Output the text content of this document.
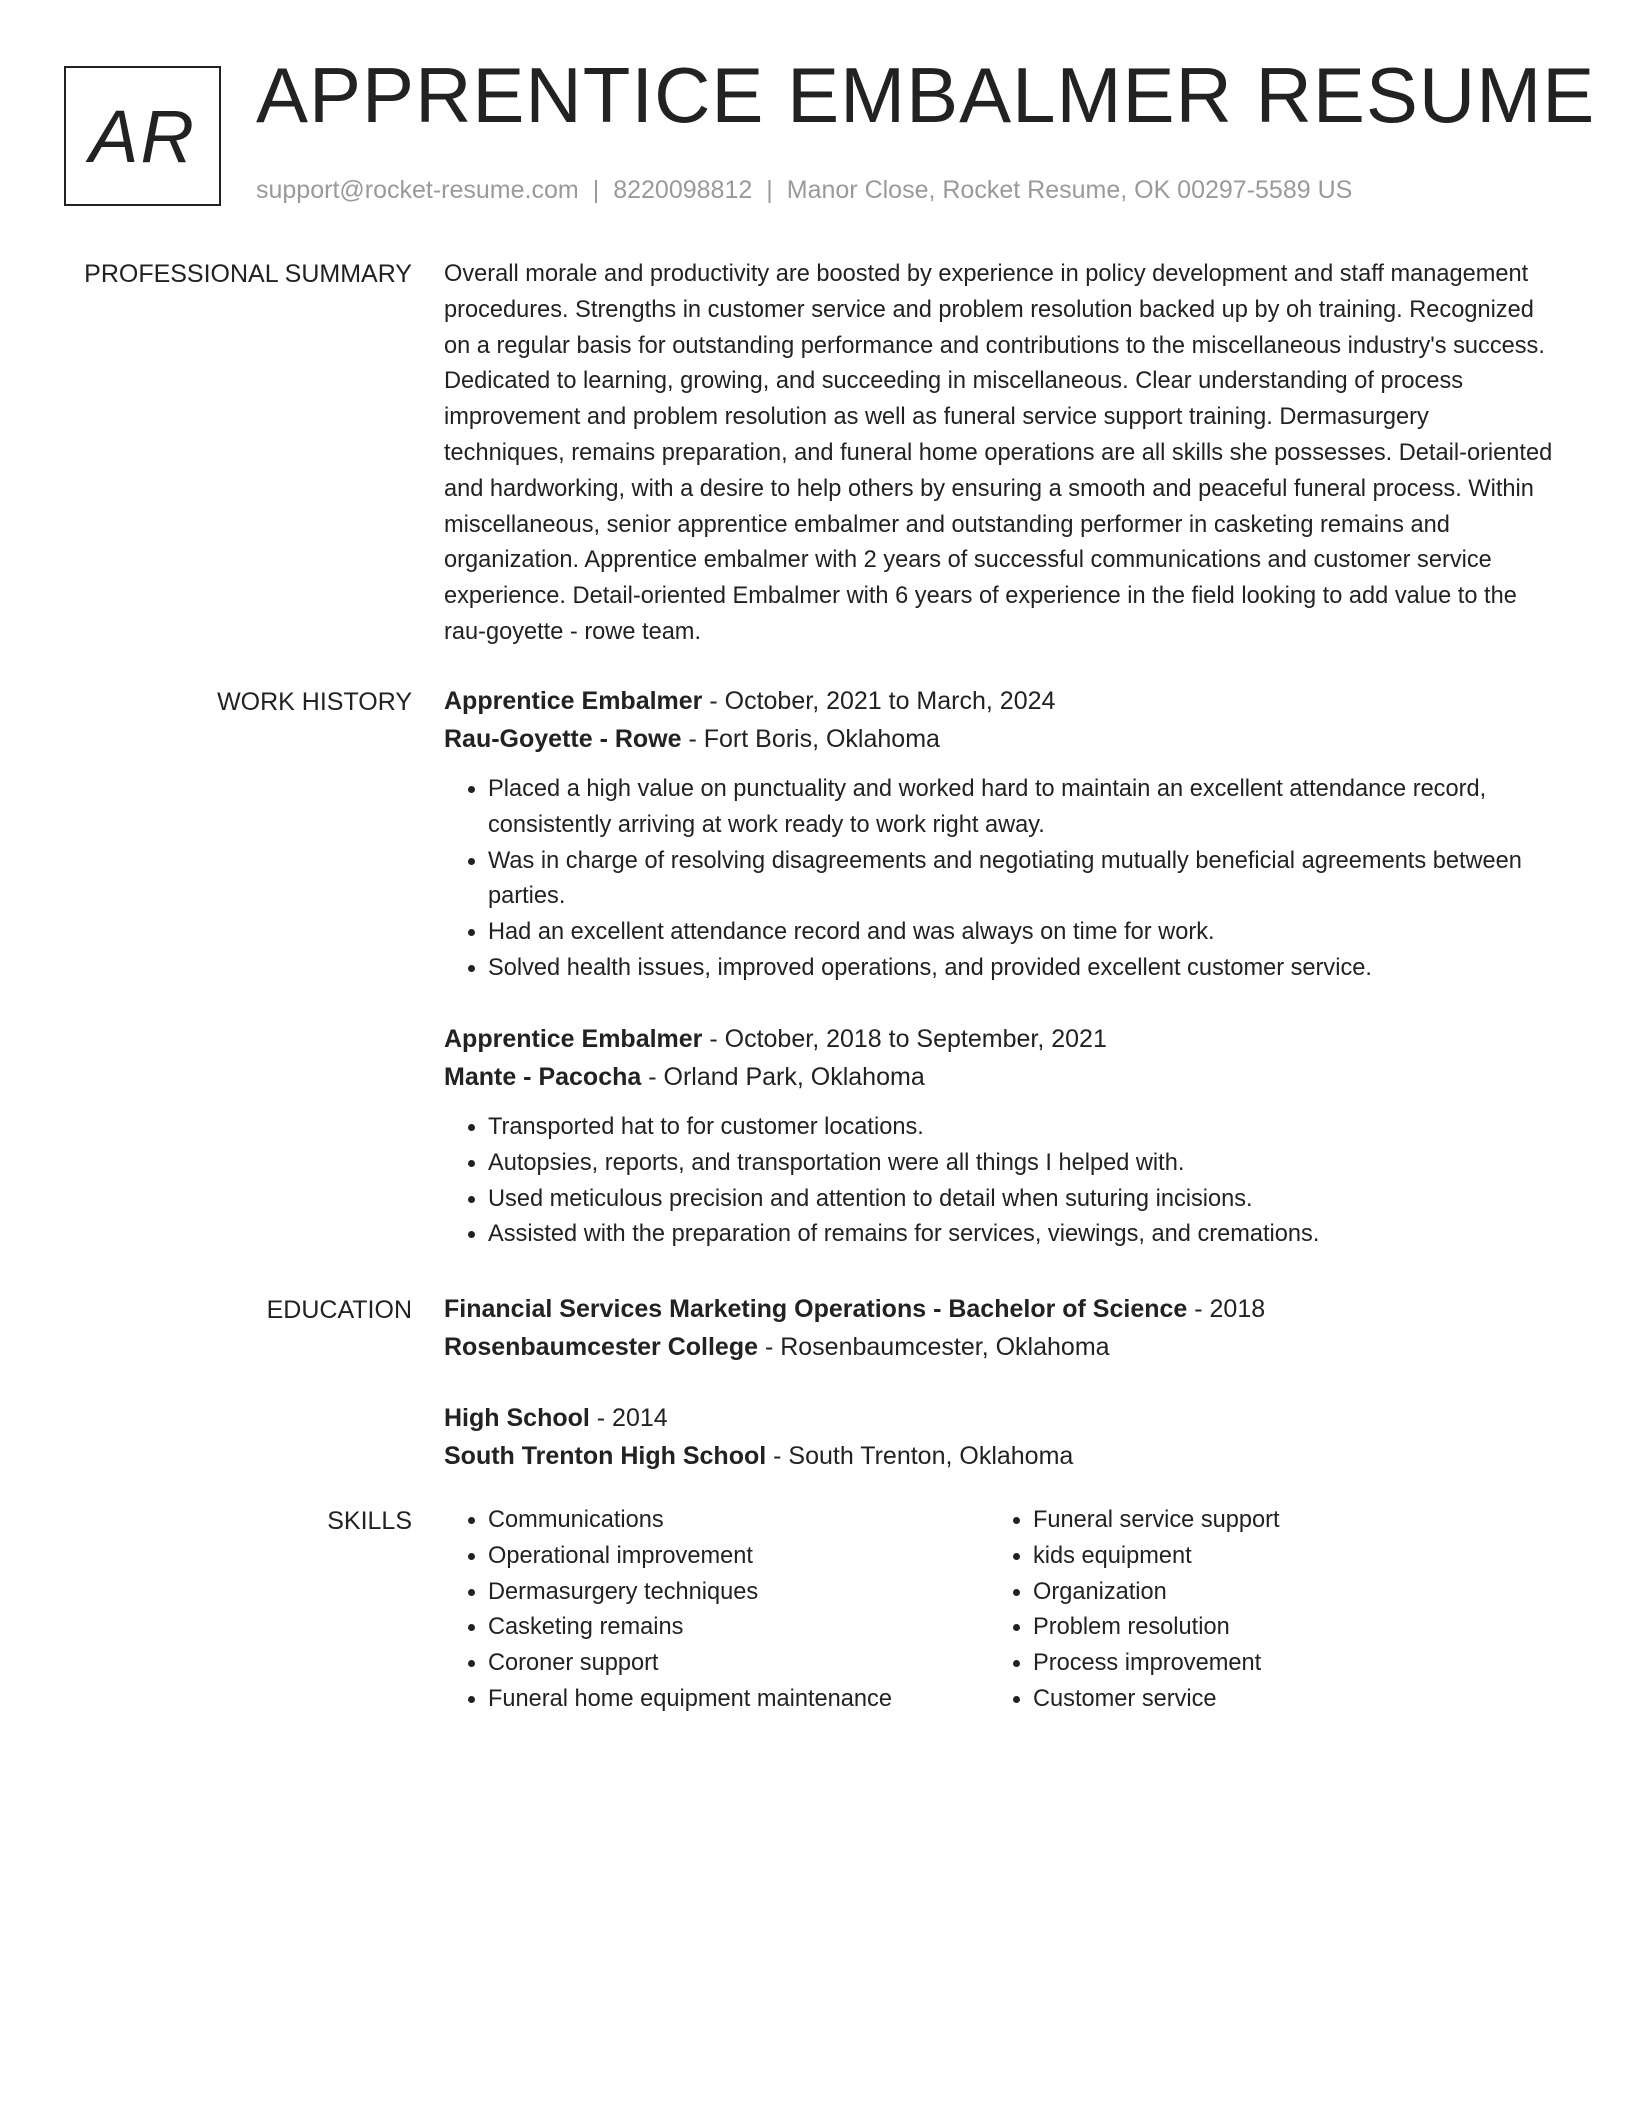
AR APPRENTICE EMBALMER RESUME
support@rocket-resume.com | 8220098812 | Manor Close, Rocket Resume, OK 00297-5589 US
PROFESSIONAL SUMMARY Overall morale and productivity are boosted by experience in policy development and staff management procedures. Strengths in customer service and problem resolution backed up by oh training. Recognized on a regular basis for outstanding performance and contributions to the miscellaneous industry's success. Dedicated to learning, growing, and succeeding in miscellaneous. Clear understanding of process improvement and problem resolution as well as funeral service support training. Dermasurgery techniques, remains preparation, and funeral home operations are all skills she possesses. Detail-oriented and hardworking, with a desire to help others by ensuring a smooth and peaceful funeral process. Within miscellaneous, senior apprentice embalmer and outstanding performer in casketing remains and organization. Apprentice embalmer with 2 years of successful communications and customer service experience. Detail-oriented Embalmer with 6 years of experience in the field looking to add value to the rau-goyette - rowe team.

WORK HISTORY Apprentice Embalmer - October, 2021 to March, 2024
Rau-Goyette - Rowe - Fort Boris, Oklahoma
• Placed a high value on punctuality and worked hard to maintain an excellent attendance record, consistently arriving at work ready to work right away.
• Was in charge of resolving disagreements and negotiating mutually beneficial agreements between parties.
• Had an excellent attendance record and was always on time for work.
• Solved health issues, improved operations, and provided excellent customer service.
Apprentice Embalmer - October, 2018 to September, 2021
Mante - Pacocha - Orland Park, Oklahoma
• Transported hat to for customer locations.
• Autopsies, reports, and transportation were all things I helped with.
• Used meticulous precision and attention to detail when suturing incisions.
• Assisted with the preparation of remains for services, viewings, and cremations.
EDUCATION Financial Services Marketing Operations - Bachelor of Science - 2018
Rosenbaumcester College - Rosenbaumcester, Oklahoma
High School - 2014
South Trenton High School - South Trenton, Oklahoma
SKILLS
•	Communications
• Operational improvement
• Dermasurgery techniques
• Casketing remains
• Coroner support
• Funeral home equipment maintenance
• Funeral service support
• kids equipment
• Organization
• Problem resolution
• Process improvement
• Customer service
